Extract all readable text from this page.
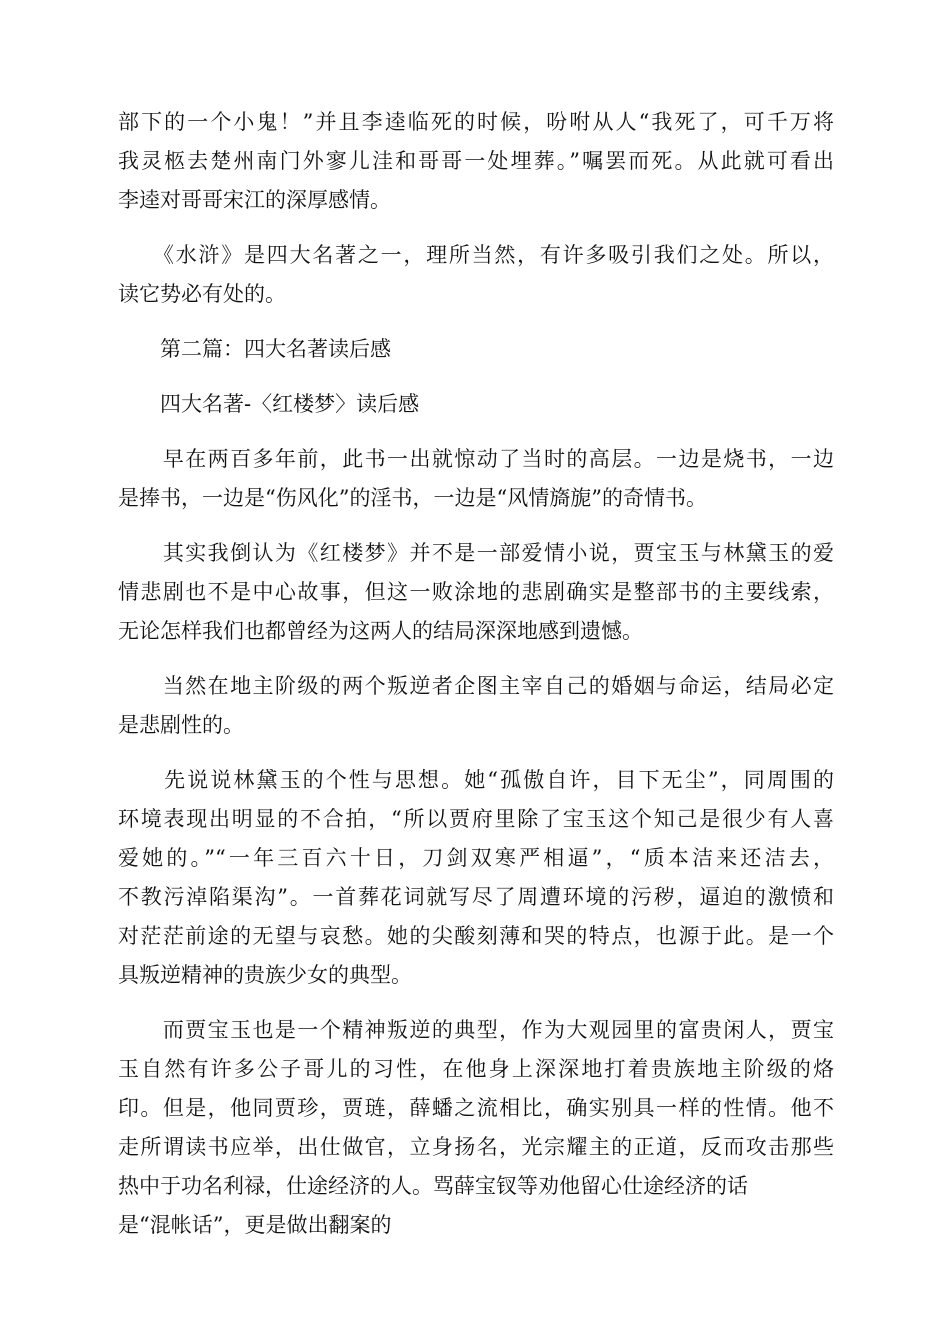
部下的一个小鬼！”并且李逵临死的时候，吩咐从人“我死了，可千万将
我灵柩去楚州南门外寥儿洼和哥哥一处埋葬。”嘱罢而死。从此就可看出
李逵对哥哥宋江的深厚感情。
　　《水浒》是四大名著之一，理所当然，有许多吸引我们之处。所以，
读它势必有处的。
　　第二篇：四大名著读后感
　　四大名著-〈红楼梦〉读后感
　　早在两百多年前，此书一出就惊动了当时的高层。一边是烧书，一边
是捧书，一边是“伤风化”的淫书，一边是“风情旖旎”的奇情书。
　　其实我倒认为《红楼梦》并不是一部爱情小说，贾宝玉与林黛玉的爱
情悲剧也不是中心故事，但这一败涂地的悲剧确实是整部书的主要线索，
无论怎样我们也都曾经为这两人的结局深深地感到遗憾。
　　当然在地主阶级的两个叛逆者企图主宰自己的婚姻与命运，结局必定
是悲剧性的。
　　先说说林黛玉的个性与思想。她“孤傲自许，目下无尘”，同周围的
环境表现出明显的不合拍，“所以贾府里除了宝玉这个知己是很少有人喜
爱她的。”“一年三百六十日，刀剑双寒严相逼”，“质本洁来还洁去，
不教污淖陷渠沟”。一首葬花词就写尽了周遭环境的污秽，逼迫的激愤和
对茫茫前途的无望与哀愁。她的尖酸刻薄和哭的特点，也源于此。是一个
具叛逆精神的贵族少女的典型。
　　而贾宝玉也是一个精神叛逆的典型，作为大观园里的富贵闲人，贾宝
玉自然有许多公子哥儿的习性，在他身上深深地打着贵族地主阶级的烙
印。但是，他同贾珍，贾琏，薛蟠之流相比，确实别具一样的性情。他不
走所谓读书应举，出仕做官，立身扬名，光宗耀主的正道，反而攻击那些
热中于功名利禄，仕途经济的人。骂薛宝钗等劝他留心仕途经济的话
是“混帐话”，更是做出翻案的
